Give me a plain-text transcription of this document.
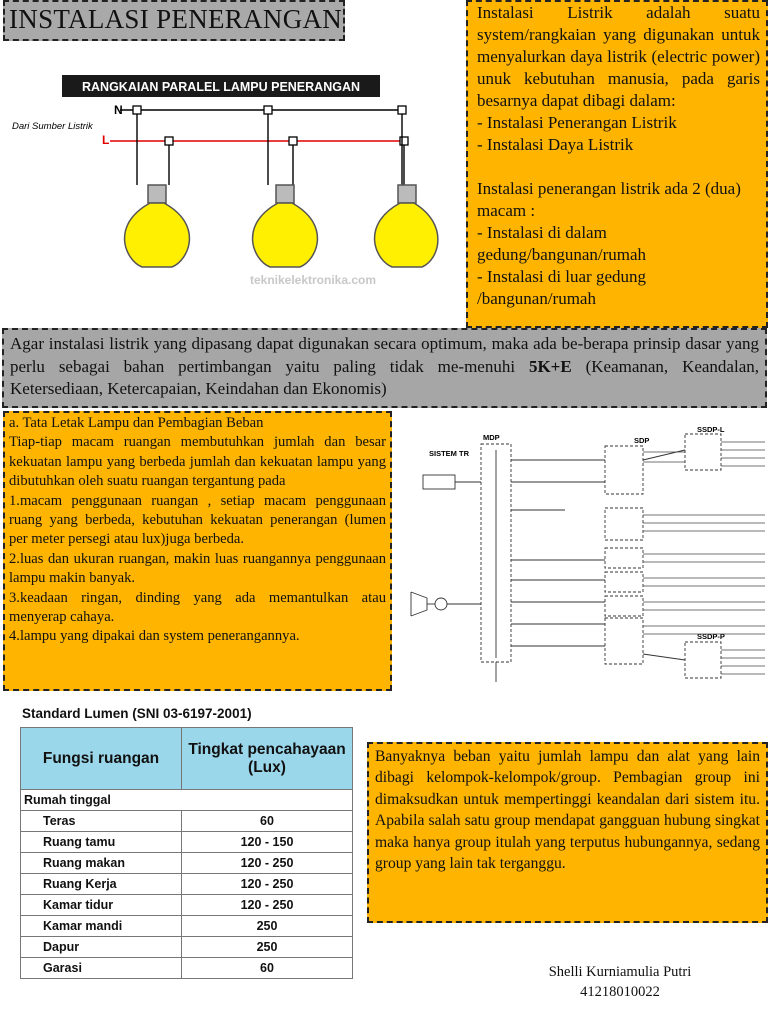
INSTALASI PENERANGAN
RANGKAIAN PARALEL LAMPU PENERANGAN
N
L
Dari Sumber Listrik
teknikelektronika.com

Instalasi Listrik adalah suatu system/rangkaian yang digunakan untuk menyalurkan daya listrik (electric power) unuk kebutuhan manusia, pada garis besarnya dapat dibagi dalam:

- Instalasi Penerangan Listrik

- Instalasi Daya Listrik

Instalasi penerangan listrik ada 2 (dua) macam :

- Instalasi di dalam gedung/bangunan/rumah

- Instalasi di luar gedung /bangunan/rumah

Agar instalasi listrik yang dipasang dapat digunakan secara optimum, maka ada be-berapa prinsip dasar yang perlu sebagai bahan pertimbangan yaitu paling tidak me-menuhi 5K+E (Keamanan, Keandalan, Ketersediaan, Ketercapaian, Keindahan dan Ekonomis)

a. Tata Letak Lampu dan Pembagian Beban

Tiap-tiap macam ruangan membutuhkan jumlah dan besar kekuatan lampu yang berbeda jumlah dan kekuatan lampu yang dibutuhkan oleh suatu ruangan tergantung pada

1.macam penggunaan ruangan , setiap macam penggunaan ruang yang berbeda, kebutuhan kekuatan penerangan (lumen per meter persegi atau lux)juga berbeda.

2.luas dan ukuran ruangan, makin luas ruangannya penggunaan lampu makin banyak.

3.keadaan ringan, dinding yang ada memantulkan atau menyerap cahaya.

4.lampu yang dipakai dan system penerangannya.

SISTEM TR
MDP	SDP
SSDP-L
SSDP-P
Standard Lumen (SNI 03-6197-2001)
Fungsi ruangan	Tingkat pencahayaan (Lux)
Rumah tinggal	
Teras	60
Ruang tamu	120 - 150
Ruang makan	120 - 250
Ruang Kerja	120 - 250
Kamar tidur	120 - 250
Kamar mandi	250
Dapur	250
Garasi	60
Banyaknya beban yaitu jumlah lampu dan alat yang lain dibagi kelompok-kelompok/group. Pembagian group ini dimaksudkan untuk mempertinggi keandalan dari sistem itu. Apabila salah satu group mendapat gangguan hubung singkat maka hanya group itulah yang terputus hubungannya, sedang group yang lain tak terganggu.
Shelli Kurniamulia Putri
41218010022
